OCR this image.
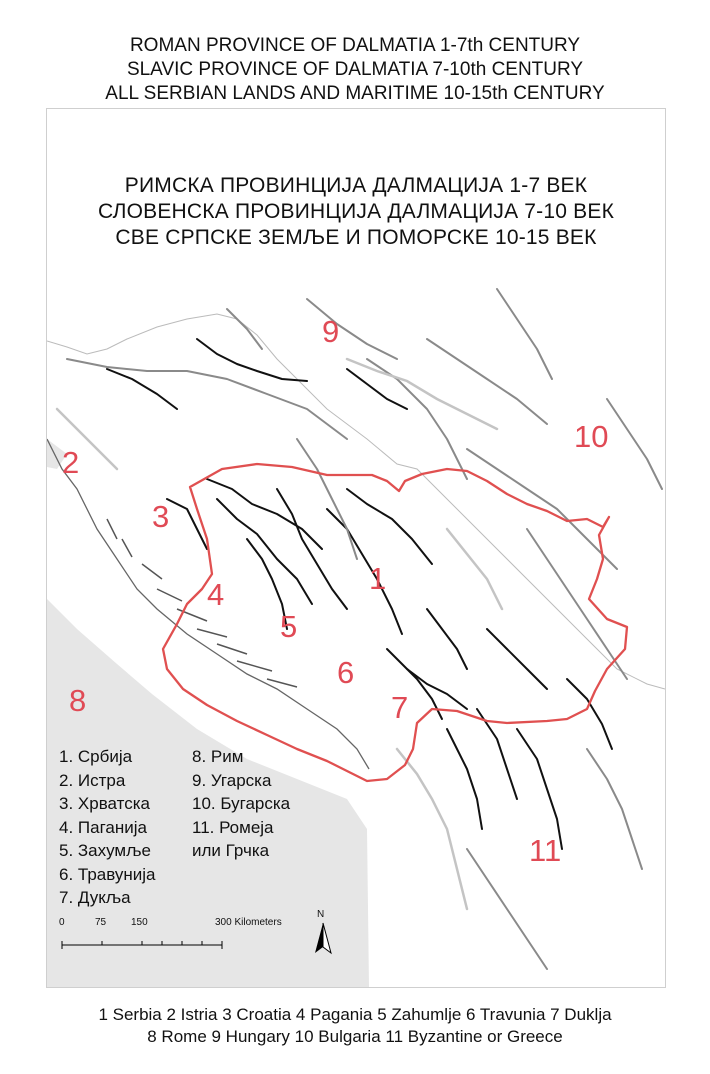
ROMAN PROVINCE OF DALMATIA 1-7th CENTURY
SLAVIC PROVINCE OF DALMATIA 7-10th CENTURY
ALL SERBIAN LANDS AND MARITIME 10-15th CENTURY
РИМСКА ПРОВИНЦИЈА ДАЛМАЦИЈА 1-7 ВЕК
СЛОВЕНСКА ПРОВИНЦИЈА ДАЛМАЦИЈА 7-10 ВЕК
СВЕ СРПСКЕ ЗЕМЉЕ И ПОМОРСКЕ 10-15 ВЕК
1
2
3
4
5
6
7
8
9
10
11
1. Србија
2. Истра
3. Хрватска
4. Паганија
5. Захумље
6. Травунија
7. Дукља
8. Рим
9. Угарска
10. Бугарска
11. Ромеја
или Грчка
0	75 150	300 Kilometers
N
1 Serbia 2 Istria 3 Croatia 4 Pagania 5 Zahumlje 6 Travunia 7 Duklja
8 Rome 9 Hungary 10 Bulgaria 11 Byzantine or Greece
